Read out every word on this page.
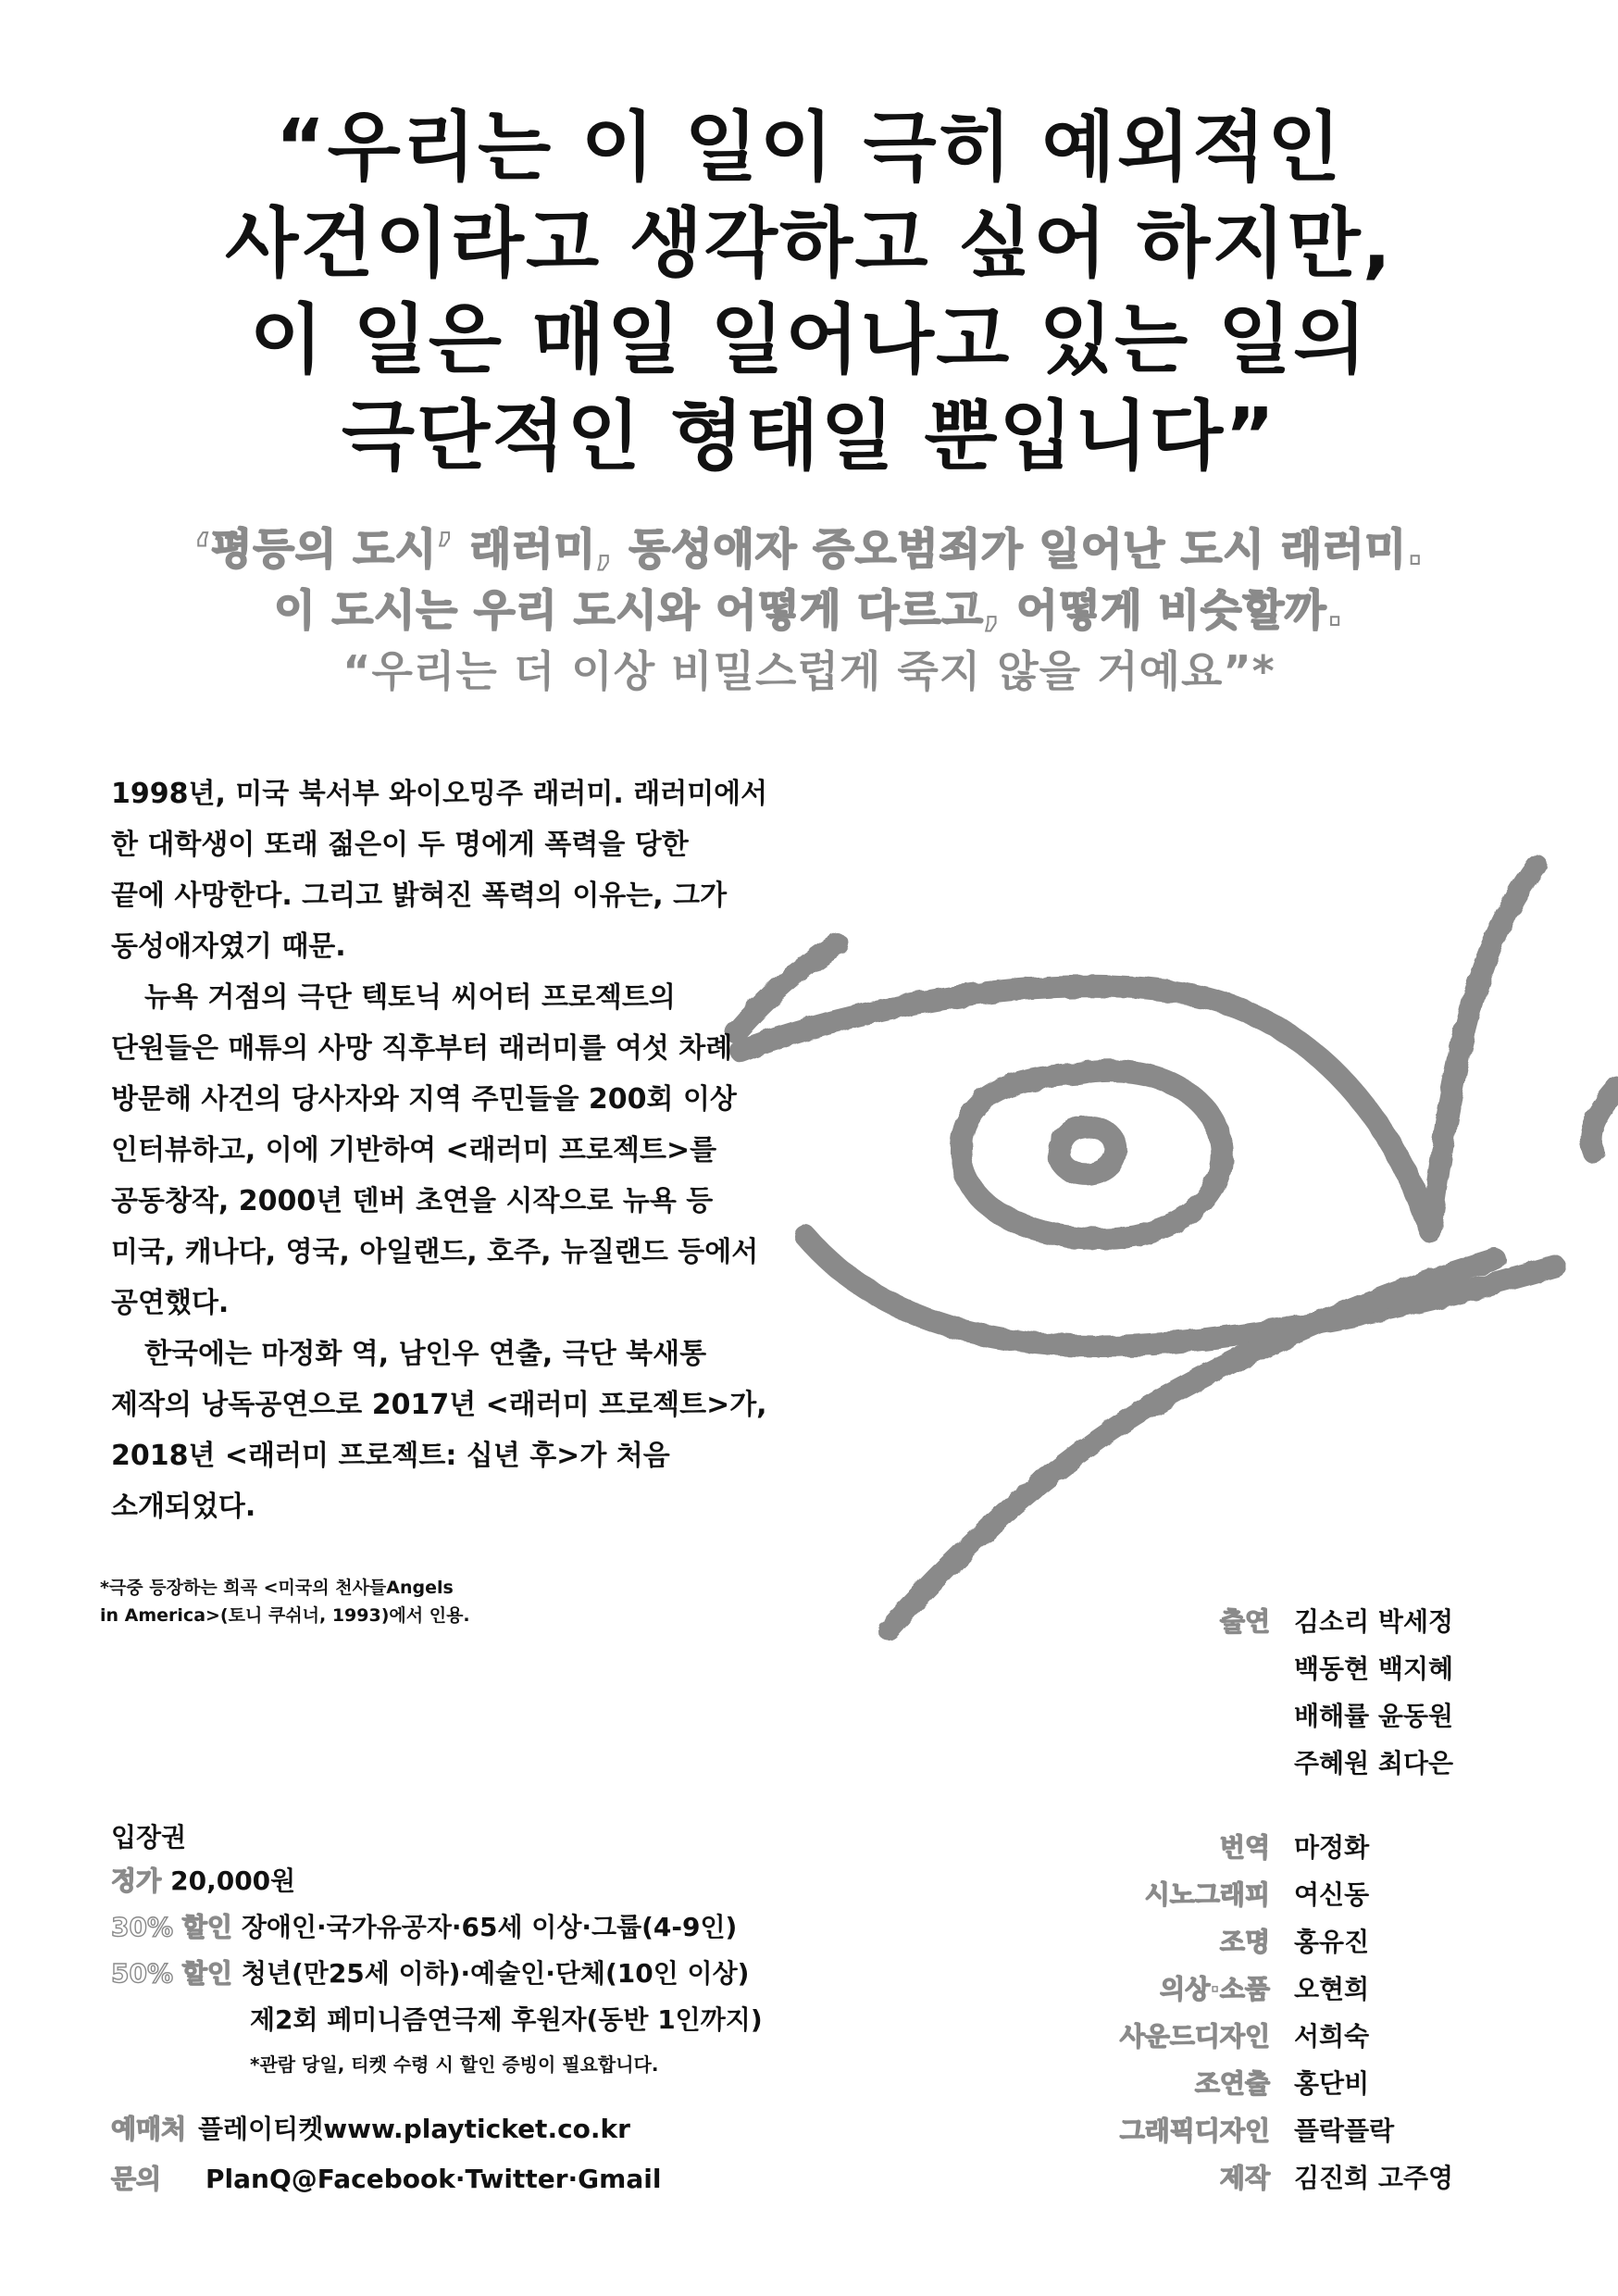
“우리는 이 일이 극히 예외적인
사건이라고 생각하고 싶어 하지만,
이 일은 매일 일어나고 있는 일의
극단적인 형태일 뿐입니다”
‘평등의 도시’ 래러미, 동성애자 증오범죄가 일어난 도시 래러미.
이 도시는 우리 도시와 어떻게 다르고, 어떻게 비슷할까.
“우리는 더 이상 비밀스럽게 죽지 않을 거예요”*
1998년, 미국 북서부 와이오밍주 래러미. 래러미에서
한 대학생이 또래 젊은이 두 명에게 폭력을 당한
끝에 사망한다. 그리고 밝혀진 폭력의 이유는, 그가
동성애자였기 때문.
뉴욕 거점의 극단 텍토닉 씨어터 프로젝트의
단원들은 매튜의 사망 직후부터 래러미를 여섯 차례
방문해 사건의 당사자와 지역 주민들을 200회 이상
인터뷰하고, 이에 기반하여 <래러미 프로젝트>를
공동창작, 2000년 덴버 초연을 시작으로 뉴욕 등
미국, 캐나다, 영국, 아일랜드, 호주, 뉴질랜드 등에서
공연했다.
한국에는 마정화 역, 남인우 연출, 극단 북새통
제작의 낭독공연으로 2017년 <래러미 프로젝트>가,
2018년 <래러미 프로젝트: 십년 후>가 처음
소개되었다.
*극중 등장하는 희곡 <미국의 천사들Angels
in America>(토니 쿠쉬너, 1993)에서 인용.	출연 김소리 박세정
백동현 백지혜
배해률 윤동원
주혜원 최다은
번역 마정화
시노그래피 여신동
조명 홍유진
의상·소품 오현희
사운드디자인 서희숙
조연출 홍단비
그래픽디자인 플락플락
제작 김진희 고주영
입장권
정가 20,000원
30% 할인 장애인·국가유공자·65세 이상·그룹(4-9인)
50% 할인 청년(만25세 이하)·예술인·단체(10인 이상)
제2회 페미니즘연극제 후원자(동반 1인까지)
*관람 당일, 티켓 수령 시 할인 증빙이 필요합니다.
예매처 플레이티켓www.playticket.co.kr
문의	PlanQ@Facebook·Twitter·Gmail
